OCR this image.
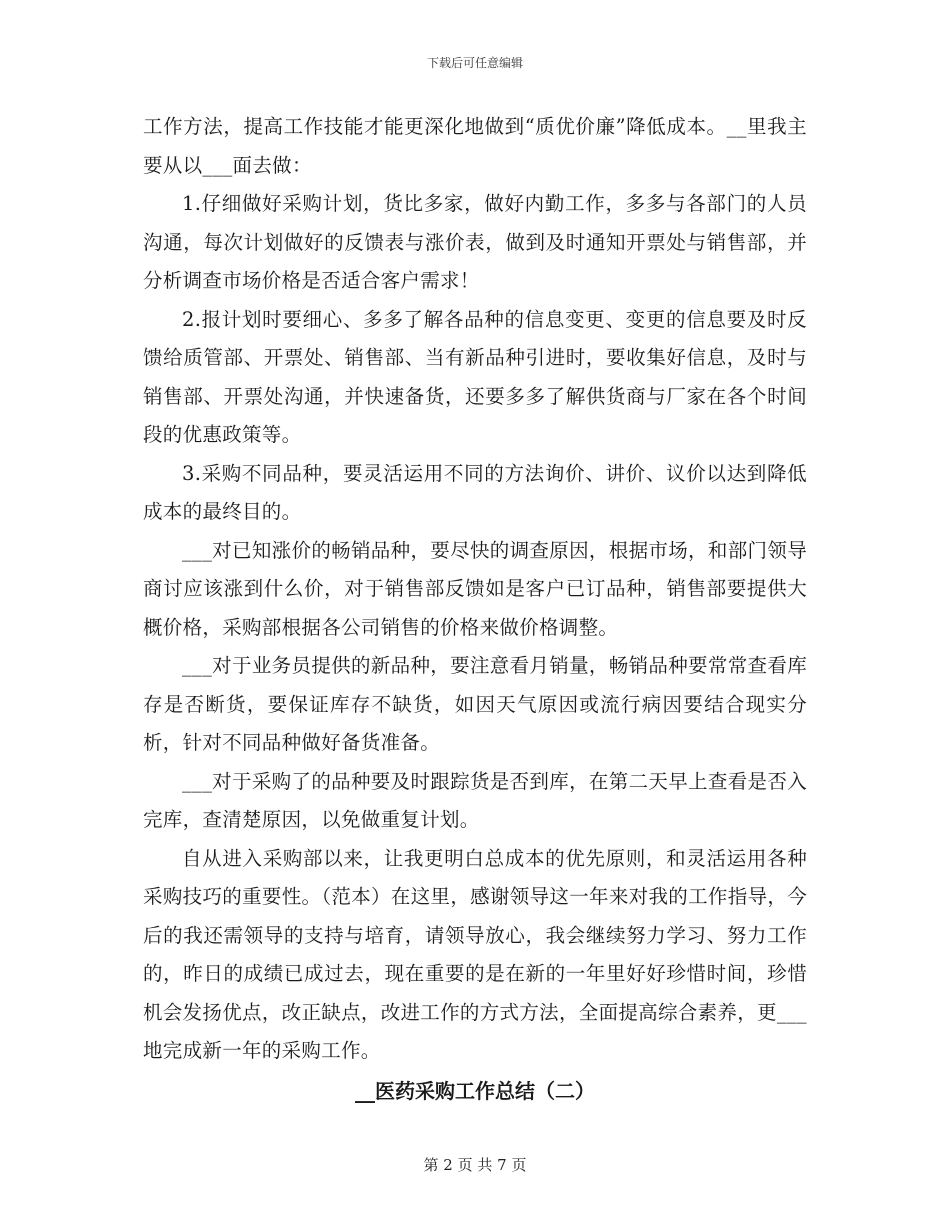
下载后可任意编辑

工作方法，提高工作技能才能更深化地做到“质优价廉”降低成本。__里我主要从以___面去做：

1.仔细做好采购计划，货比多家，做好内勤工作，多多与各部门的人员沟通，每次计划做好的反馈表与涨价表，做到及时通知开票处与销售部，并分析调查市场价格是否适合客户需求！

2.报计划时要细心、多多了解各品种的信息变更、变更的信息要及时反馈给质管部、开票处、销售部、当有新品种引进时，要收集好信息，及时与销售部、开票处沟通，并快速备货，还要多多了解供货商与厂家在各个时间段的优惠政策等。

3.采购不同品种，要灵活运用不同的方法询价、讲价、议价以达到降低成本的最终目的。

___对已知涨价的畅销品种，要尽快的调查原因，根据市场，和部门领导商讨应该涨到什么价，对于销售部反馈如是客户已订品种，销售部要提供大概价格，采购部根据各公司销售的价格来做价格调整。

___对于业务员提供的新品种，要注意看月销量，畅销品种要常常查看库存是否断货，要保证库存不缺货，如因天气原因或流行病因要结合现实分析，针对不同品种做好备货准备。

___对于采购了的品种要及时跟踪货是否到库，在第二天早上查看是否入完库，查清楚原因，以免做重复计划。

自从进入采购部以来，让我更明白总成本的优先原则，和灵活运用各种采购技巧的重要性。（范本）在这里，感谢领导这一年来对我的工作指导，今后的我还需领导的支持与培育，请领导放心，我会继续努力学习、努力工作的，昨日的成绩已成过去，现在重要的是在新的一年里好好珍惜时间，珍惜机会发扬优点，改正缺点，改进工作的方式方法，全面提高综合素养，更___地完成新一年的采购工作。

__医药采购工作总结（二）

第 2 页 共 7 页
